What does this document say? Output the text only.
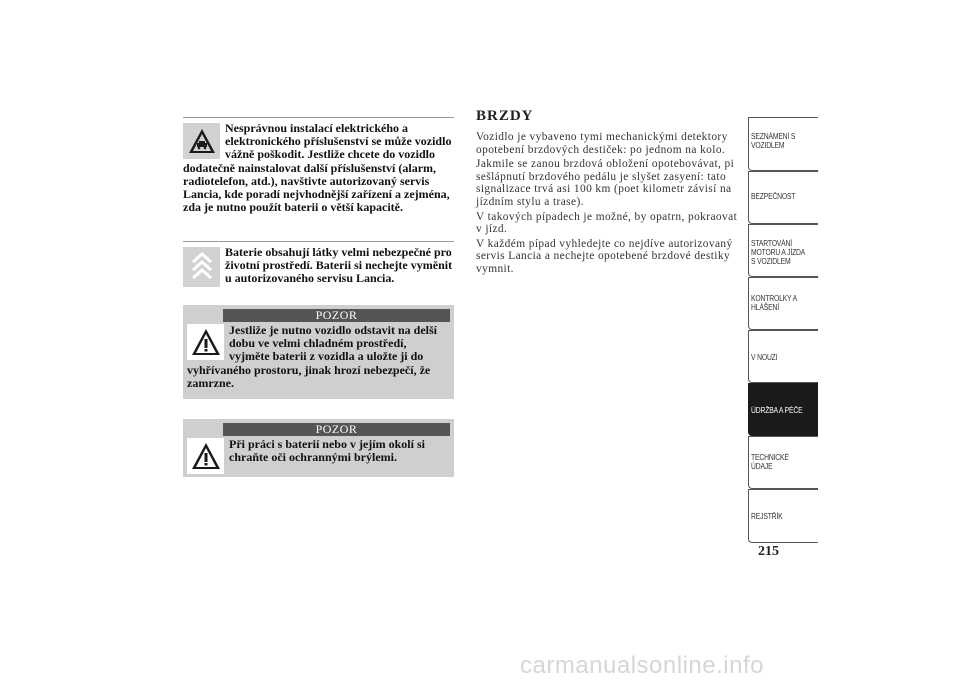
Nesprávnou instalací elektrického a elektronického příslušenství se může vozidlo vážně poškodit. Jestliže chcete do vozidlo dodatečně nainstalovat další příslušenství (alarm, radiotelefon, atd.), navštivte autorizovaný servis Lancia, kde poradí nejvhodnější zařízení a zejména, zda je nutno použít baterii o větší kapacitě.
Baterie obsahují látky velmi nebezpečné pro životní prostředí. Baterii si nechejte vyměnit u autorizovaného servisu Lancia.
POZOR
Jestliže je nutno vozidlo odstavit na delší dobu ve velmi chladném prostředí, vyjměte baterii z vozidla a uložte ji do vyhřívaného prostoru, jinak hrozí nebezpečí, že zamrzne.
POZOR
Při práci s baterií nebo v jejím okolí si chraňte oči ochrannými brýlemi.
BRZDY

Vozidlo je vybaveno tymi mechanickými detektory opotebení brzdových destiček: po jednom na kolo.

Jakmile se zanou brzdová obložení opotebovávat, pi sešlápnutí brzdového pedálu je slyšet zasyení: tato signalizace trvá asi 100 km (poet kilometr závisí na jízdním stylu a trase).

V takových pípadech je možné, by opatrn, pokraovat v jízd.

V každém pípad vyhledejte co nejdíve autorizovaný servis Lancia a nechejte opotebené brzdové destiky vymnit.

SEZNÁMENÍ S VOZIDLEM
BEZPEČNOST
STARTOVÁNÍ MOTORU A JÍZDA S VOZIDLEM
KONTROLKY A HLÁŠENÍ
V NOUZI
ÚDRŽBA A PÉČE
TECHNICKÉ ÚDAJE
REJSTŘÍK
215
carmanualsonline.info
